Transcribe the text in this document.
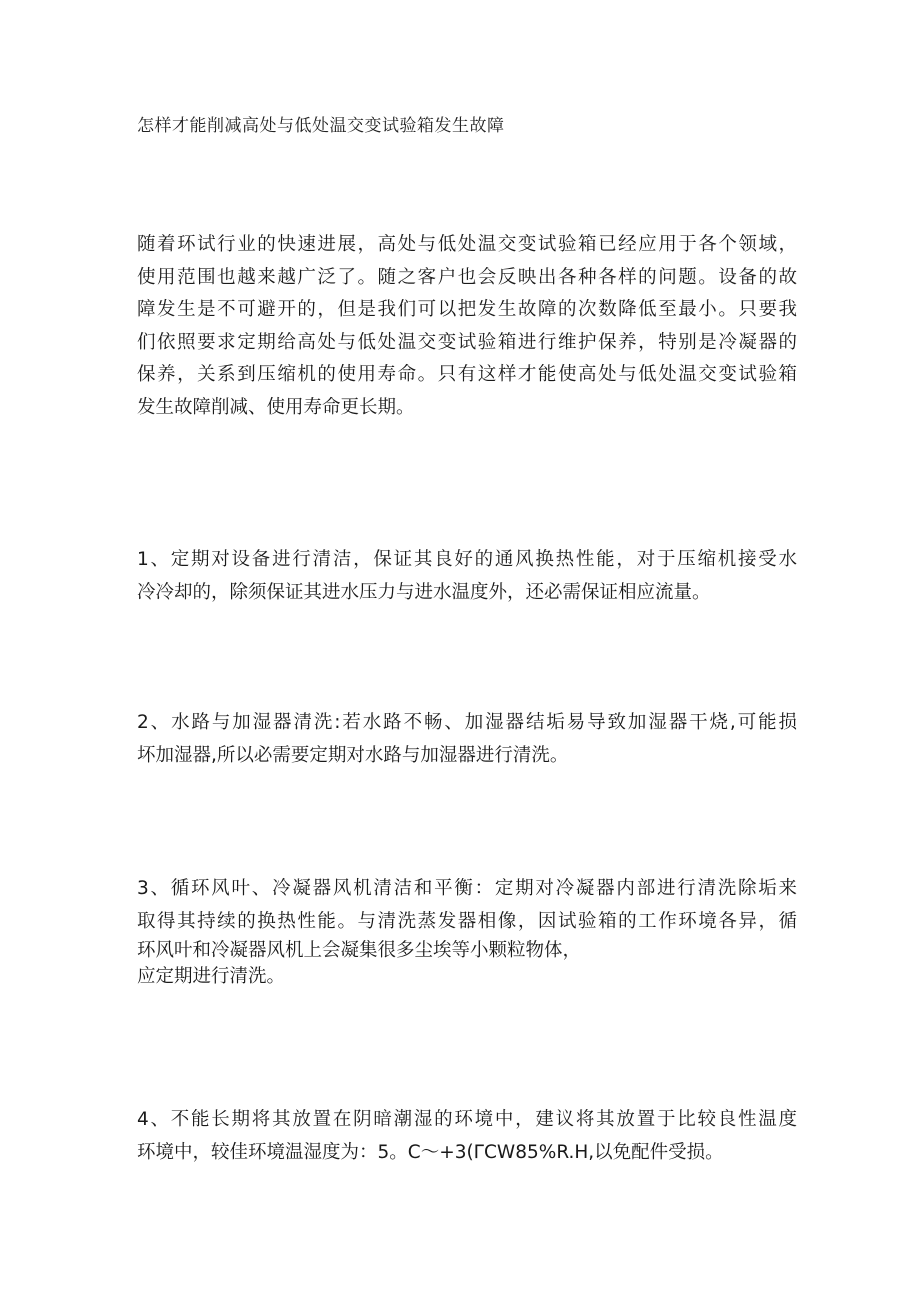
怎样才能削减高处与低处温交变试验箱发生故障

随着环试行业的快速进展，高处与低处温交变试验箱已经应用于各个领域，
使用范围也越来越广泛了。随之客户也会反映出各种各样的问题。设备的故
障发生是不可避开的，但是我们可以把发生故障的次数降低至最小。只要我
们依照要求定期给高处与低处温交变试验箱进行维护保养，特别是冷凝器的
保养，关系到压缩机的使用寿命。只有这样才能使高处与低处温交变试验箱
发生故障削减、使用寿命更长期。

1、定期对设备进行清洁，保证其良好的通风换热性能，对于压缩机接受水
冷冷却的，除须保证其进水压力与进水温度外，还必需保证相应流量。

2、水路与加湿器清洗:若水路不畅、加湿器结垢易导致加湿器干烧,可能损
坏加湿器,所以必需要定期对水路与加湿器进行清洗。

3、循环风叶、冷凝器风机清洁和平衡：定期对冷凝器内部进行清洗除垢来
取得其持续的换热性能。与清洗蒸发器相像，因试验箱的工作环境各异，循
环风叶和冷凝器风机上会凝集很多尘埃等小颗粒物体，
应定期进行清洗。

4、不能长期将其放置在阴暗潮湿的环境中，建议将其放置于比较良性温度
环境中，较佳环境温湿度为：5。C～+3(ΓCW85%R.H,以免配件受损。
